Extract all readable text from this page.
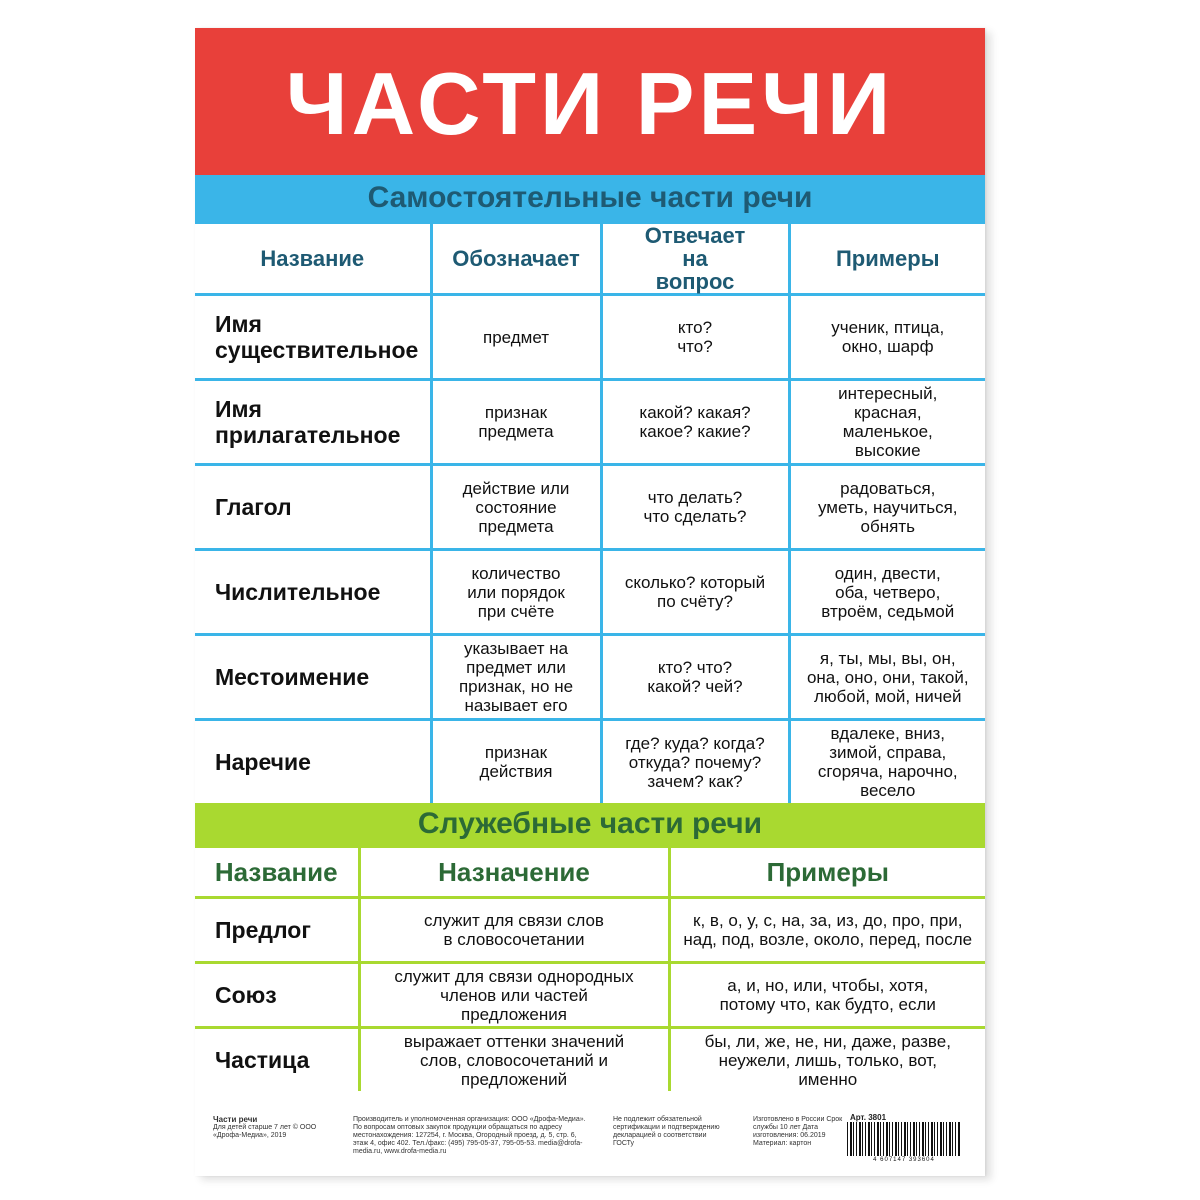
ЧАСТИ РЕЧИ
Самостоятельные части речи
Название	Обозначает	Отвечает на вопрос	Примеры

Имя существительное	предмет	кто? что?	ученик, птица, окно, шарф

Имя прилагательное	признак предмета	какой? какая? какое? какие?	интересный, красная, маленькое, высокие

Глагол	действие или состояние предмета	что делать? что сделать?	радоваться, уметь, научиться, обнять

Числительное	количество или порядок при счёте	сколько? который по счёту?	один, двести, оба, четверо, втроём, седьмой

Местоимение	указывает на предмет или признак, но не называет его	кто? что? какой? чей?	я, ты, мы, вы, он, она, оно, они, такой, любой, мой, ничей

Наречие	признак действия	где? куда? когда? откуда? почему? зачем? как?	вдалеке, вниз, зимой, справа, сгоряча, нарочно, весело
Служебные части речи
Название	Назначение	Примеры
Предлог	служит для связи слов в словосочетании	к, в, о, у, с, на, за, из, до, про, при, над, под, возле, около, перед, после

Союз	служит для связи однородных членов или частей предложения	а, и, но, или, чтобы, хотя, потому что, как будто, если

Частица	выражает оттенки значений слов, словосочетаний и предложений	бы, ли, же, не, ни, даже, разве, неужели, лишь, только, вот, именно
Части речи
Для детей старше 7 лет © ООО «Дрофа-Медиа», 2019
Производитель и уполномоченная организация: ООО «Дрофа-Медиа». По вопросам оптовых закупок продукции обращаться по адресу местонахождения: 127254, г. Москва, Огородный проезд, д. 5, стр. 6, этаж 4, офис 402. Тел./факс: (495) 795-05-37, 795-05-53. media@drofa-media.ru, www.drofa-media.ru
Не подлежит обязательной сертификации и подтверждению декларацией о соответствии ГОСТу
Изготовлено в России Срок службы 10 лет Дата изготовления: 06.2019 Материал: картон
Арт. 3801
4 607147 393604
